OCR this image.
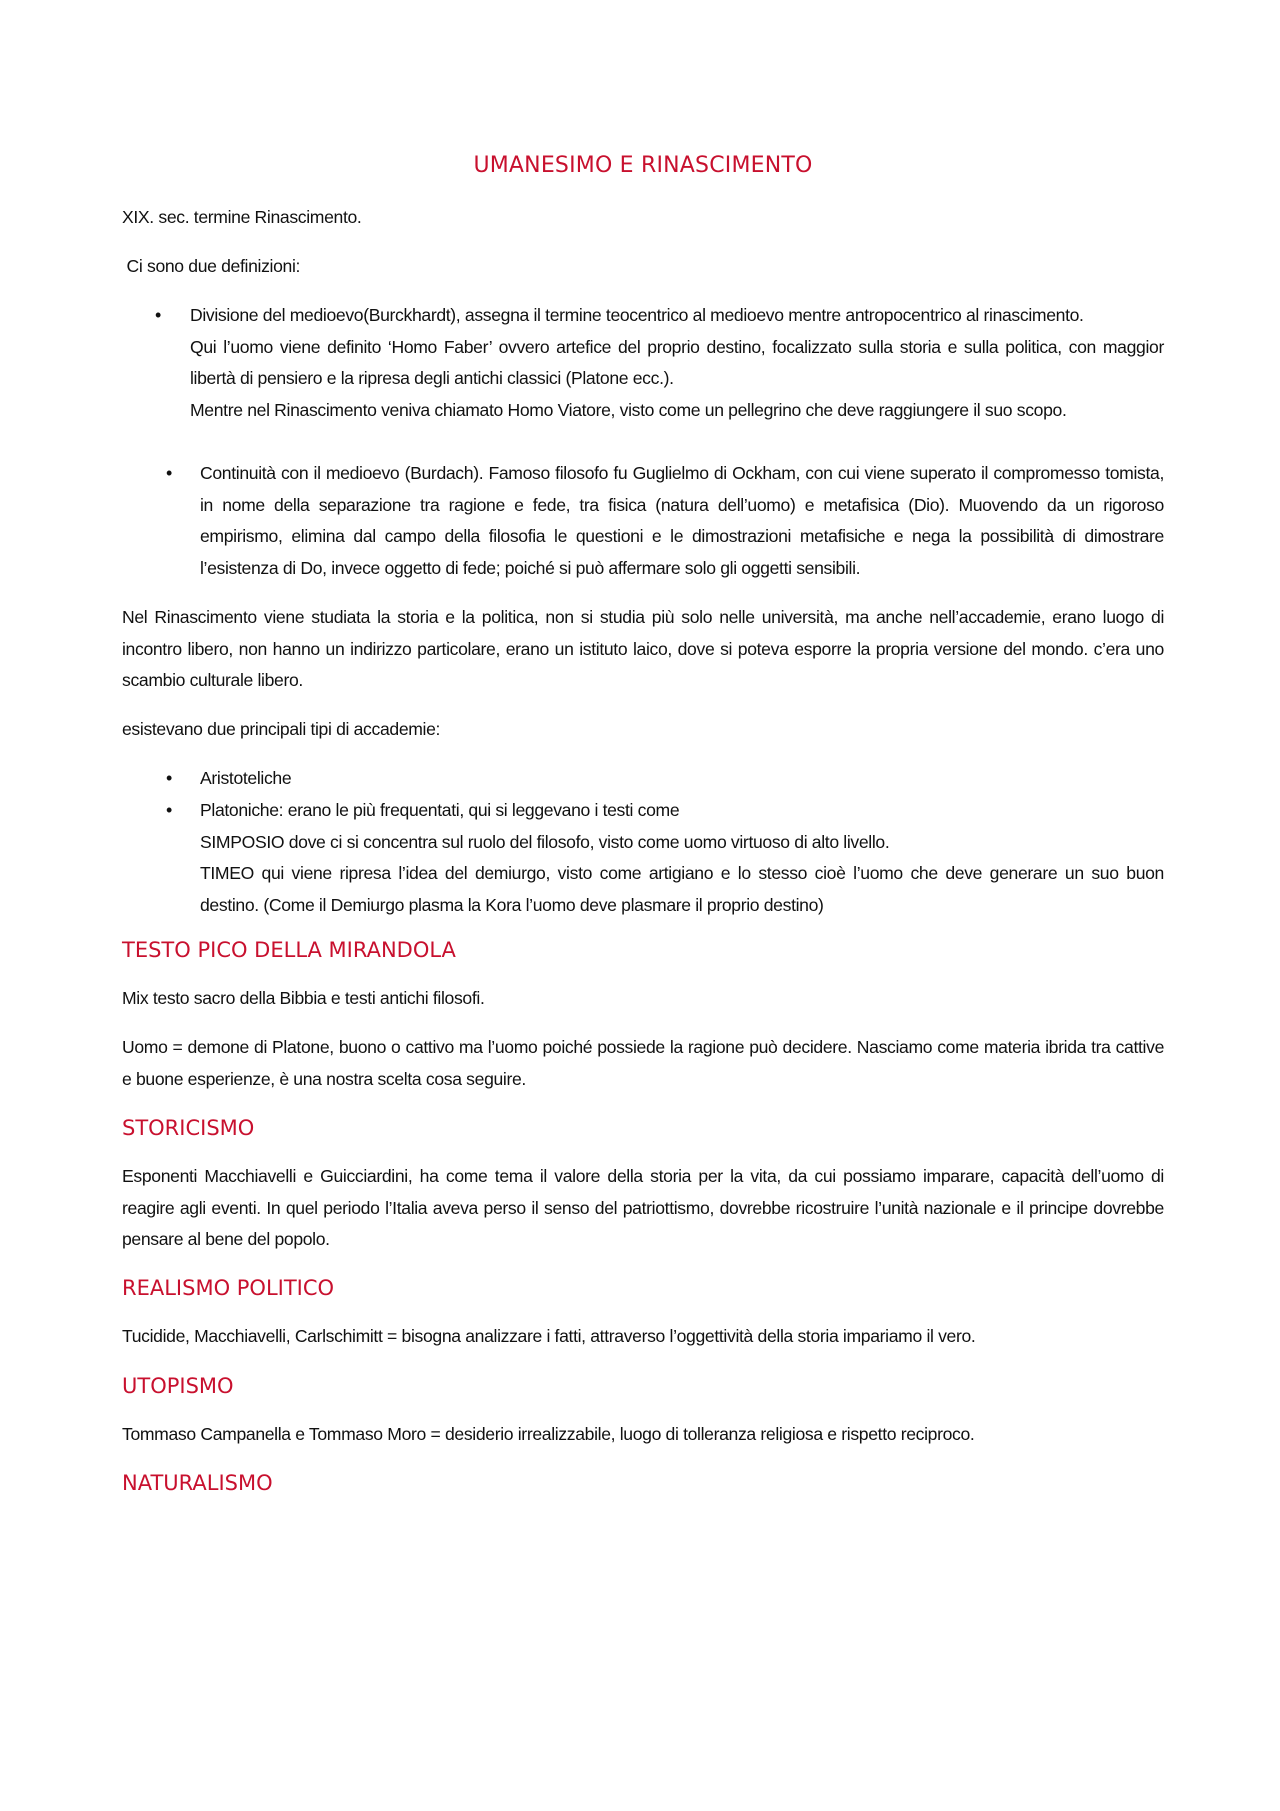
UMANESIMO E RINASCIMENTO

XIX. sec. termine Rinascimento.

Ci sono due definizioni:

• Divisione del medioevo(Burckhardt), assegna il termine teocentrico al medioevo mentre antropocentrico al rinascimento.
Qui l’uomo viene definito ‘Homo Faber’ ovvero artefice del proprio destino, focalizzato sulla storia e sulla politica, con maggior libertà di pensiero e la ripresa degli antichi classici (Platone ecc.).
Mentre nel Rinascimento veniva chiamato Homo Viatore, visto come un pellegrino che deve raggiungere il suo scopo.
• Continuità con il medioevo (Burdach). Famoso filosofo fu Guglielmo di Ockham, con cui viene superato il compromesso tomista, in nome della separazione tra ragione e fede, tra fisica (natura dell’uomo) e metafisica (Dio). Muovendo da un rigoroso empirismo, elimina dal campo della filosofia le questioni e le dimostrazioni metafisiche e nega la possibilità di dimostrare l’esistenza di Do, invece oggetto di fede; poiché si può affermare solo gli oggetti sensibili.

Nel Rinascimento viene studiata la storia e la politica, non si studia più solo nelle università, ma anche nell’accademie, erano luogo di incontro libero, non hanno un indirizzo particolare, erano un istituto laico, dove si poteva esporre la propria versione del mondo. c’era uno scambio culturale libero.

esistevano due principali tipi di accademie:

• Aristoteliche
• Platoniche: erano le più frequentati, qui si leggevano i testi come
SIMPOSIO dove ci si concentra sul ruolo del filosofo, visto come uomo virtuoso di alto livello.
TIMEO qui viene ripresa l’idea del demiurgo, visto come artigiano e lo stesso cioè l’uomo che deve generare un suo buon destino. (Come il Demiurgo plasma la Kora l’uomo deve plasmare il proprio destino)
TESTO PICO DELLA MIRANDOLA

Mix testo sacro della Bibbia e testi antichi filosofi.

Uomo = demone di Platone, buono o cattivo ma l’uomo poiché possiede la ragione può decidere. Nasciamo come materia ibrida tra cattive e buone esperienze, è una nostra scelta cosa seguire.

STORICISMO

Esponenti Macchiavelli e Guicciardini, ha come tema il valore della storia per la vita, da cui possiamo imparare, capacità dell’uomo di reagire agli eventi. In quel periodo l’Italia aveva perso il senso del patriottismo, dovrebbe ricostruire l’unità nazionale e il principe dovrebbe pensare al bene del popolo.

REALISMO POLITICO

Tucidide, Macchiavelli, Carlschimitt = bisogna analizzare i fatti, attraverso l’oggettività della storia impariamo il vero.

UTOPISMO

Tommaso Campanella e Tommaso Moro = desiderio irrealizzabile, luogo di tolleranza religiosa e rispetto reciproco.

NATURALISMO
